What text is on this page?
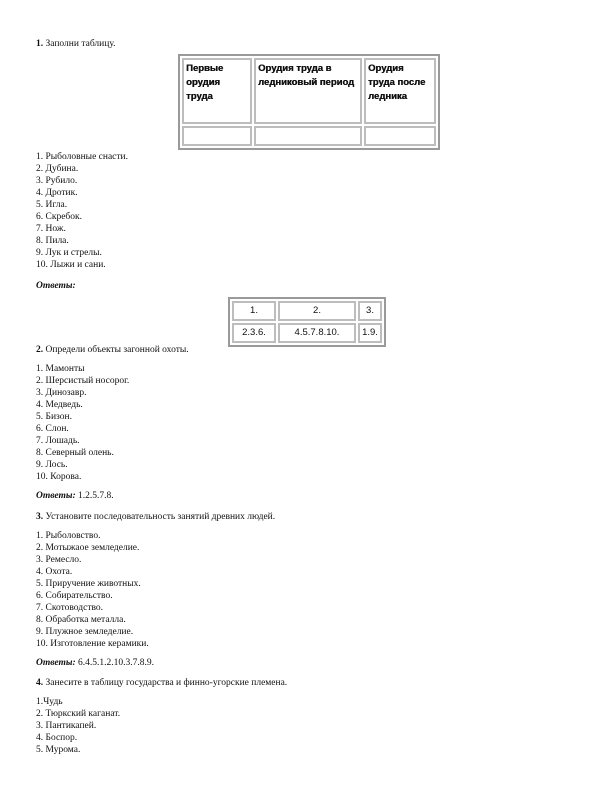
1. Заполни таблицу.
Первые орудия труда	Орудия труда в ледниковый период	Орудия труда после ледника

1. Рыболовные снасти.
2. Дубина.
3. Рубило.
4. Дротик.
5. Игла.
6. Скребок.
7. Нож.
8. Пила.
9. Лук и стрелы.
10. Лыжи и сани.
Ответы:
1.	2.	3.
2.3.6.	4.5.7.8.10.	1.9.
2. Определи объекты загонной охоты.
1. Мамонты
2. Шерсистый носорог.
3. Динозавр.
4. Медведь.
5. Бизон.
6. Слон.
7. Лошадь.
8. Северный олень.
9. Лось.
10. Корова.
Ответы: 1.2.5.7.8.
3. Установите последовательность занятий древних людей.
1. Рыболовство.
2. Мотыжаое земледелие.
3. Ремесло.
4. Охота.
5. Приручение животных.
6. Собирательство.
7. Скотоводство.
8. Обработка металла.
9. Плужное земледелие.
10. Изготовление керамики.
Ответы: 6.4.5.1.2.10.3.7.8.9.
4. Занесите в таблицу государства и финно-угорские племена.
1.Чудь
2. Тюркский каганат.
3. Пантикапей.
4. Боспор.
5. Мурома.
